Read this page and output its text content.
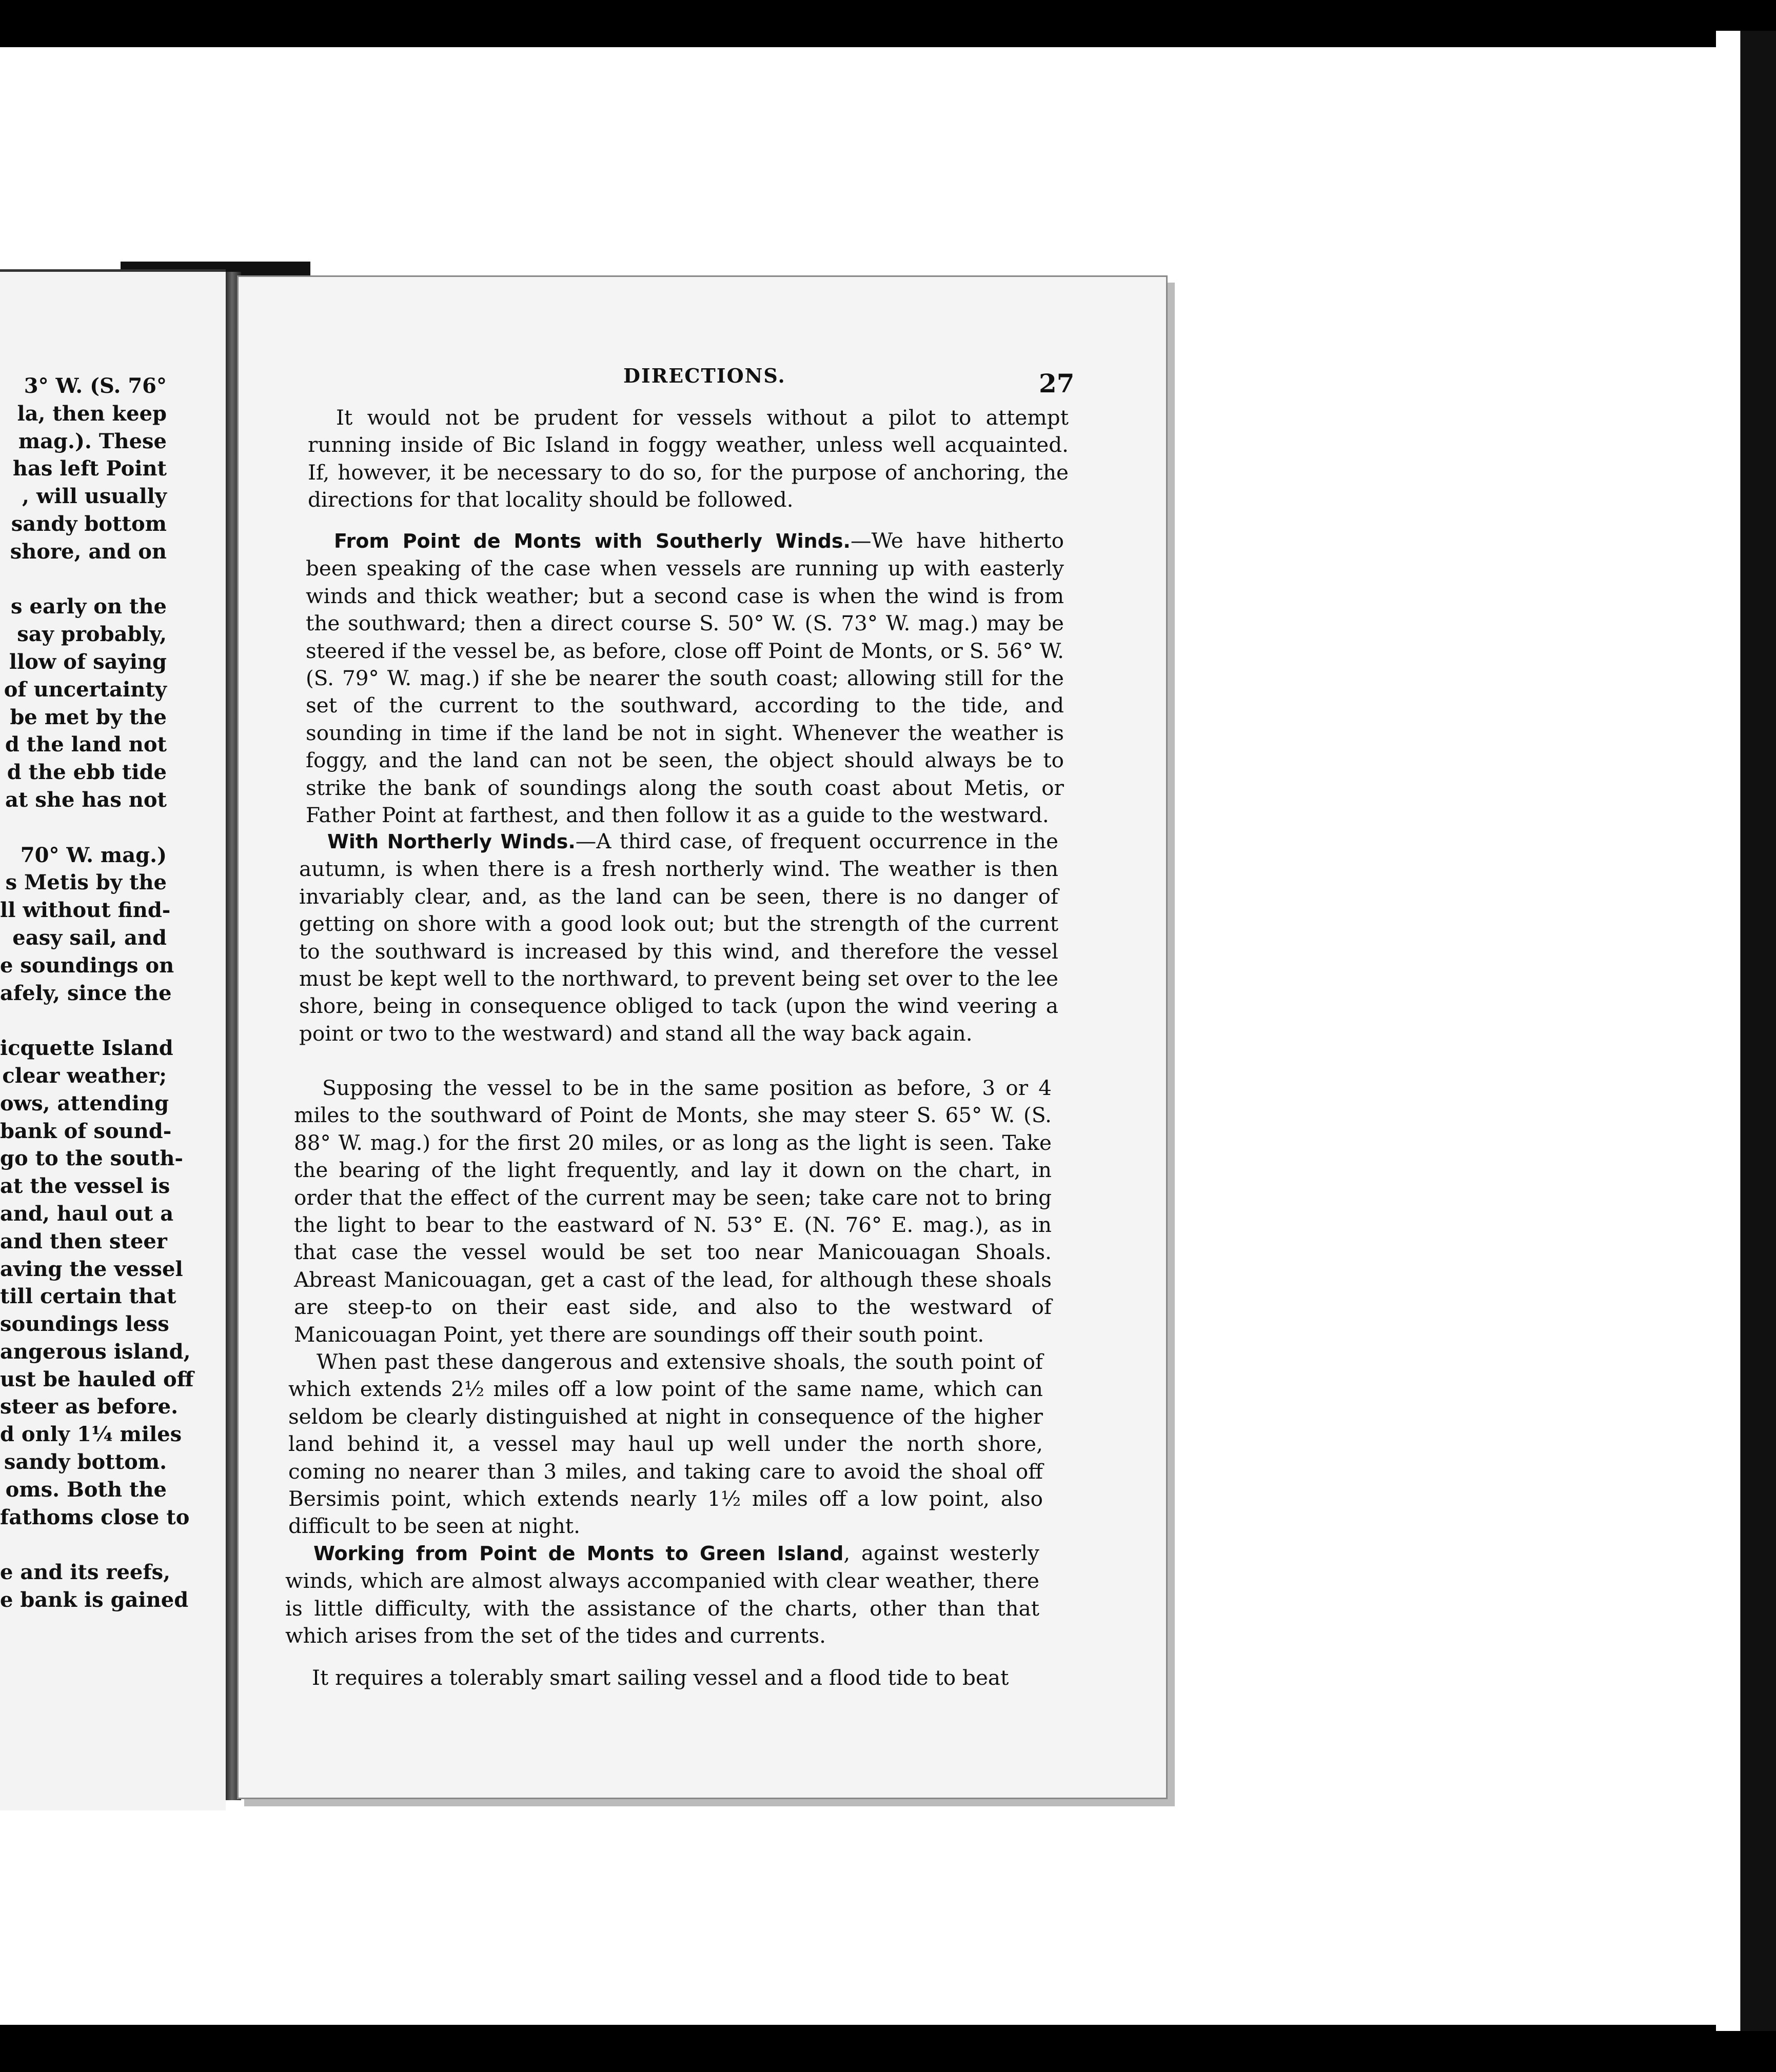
3° W. (S. 76°
la, then keep
mag.). These
has left Point
, will usually
sandy bottom
shore, and on
s early on the
say probably,
llow of saying
of uncertainty
be met by the
d the land not
d the ebb tide
at she has not
70° W. mag.)
s Metis by the
ll without find-
easy sail, and
e soundings on
afely, since the
icquette Island
clear weather;
ows, attending
bank of sound-
go to the south-
at the vessel is
and, haul out a
and then steer
aving the vessel
till certain that
soundings less
angerous island,
ust be hauled off
steer as before.
d only 1¼ miles
sandy bottom.
oms. Both the
fathoms close to
e and its reefs,
e bank is gained
DIRECTIONS.	27
It would not be prudent for vessels without a pilot to attempt running inside of Bic Island in foggy weather, unless well acquainted. If, however, it be necessary to do so, for the purpose of anchoring, the directions for that locality should be followed.
From Point de Monts with Southerly Winds.—We have hitherto been speaking of the case when vessels are running up with easterly winds and thick weather; but a second case is when the wind is from the southward; then a direct course S. 50° W. (S. 73° W. mag.) may be steered if the vessel be, as before, close off Point de Monts, or S. 56° W. (S. 79° W. mag.) if she be nearer the south coast; allowing still for the set of the current to the southward, according to the tide, and sounding in time if the land be not in sight. Whenever the weather is foggy, and the land can not be seen, the object should always be to strike the bank of soundings along the south coast about Metis, or Father Point at farthest, and then follow it as a guide to the westward.
With Northerly Winds.—A third case, of frequent occurrence in the autumn, is when there is a fresh northerly wind. The weather is then invariably clear, and, as the land can be seen, there is no danger of getting on shore with a good look out; but the strength of the current to the southward is increased by this wind, and therefore the vessel must be kept well to the northward, to prevent being set over to the lee shore, being in consequence obliged to tack (upon the wind veering a point or two to the westward) and stand all the way back again.
Supposing the vessel to be in the same position as before, 3 or 4 miles to the southward of Point de Monts, she may steer S. 65° W. (S. 88° W. mag.) for the first 20 miles, or as long as the light is seen. Take the bearing of the light frequently, and lay it down on the chart, in order that the effect of the current may be seen; take care not to bring the light to bear to the eastward of N. 53° E. (N. 76° E. mag.), as in that case the vessel would be set too near Manicouagan Shoals. Abreast Manicouagan, get a cast of the lead, for although these shoals are steep-to on their east side, and also to the westward of Manicouagan Point, yet there are soundings off their south point.
When past these dangerous and extensive shoals, the south point of which extends 2½ miles off a low point of the same name, which can seldom be clearly distinguished at night in consequence of the higher land behind it, a vessel may haul up well under the north shore, coming no nearer than 3 miles, and taking care to avoid the shoal off Bersimis point, which extends nearly 1½ miles off a low point, also difficult to be seen at night.
Working from Point de Monts to Green Island, against westerly winds, which are almost always accompanied with clear weather, there is little difficulty, with the assistance of the charts, other than that which arises from the set of the tides and currents.
It requires a tolerably smart sailing vessel and a flood tide to beat
